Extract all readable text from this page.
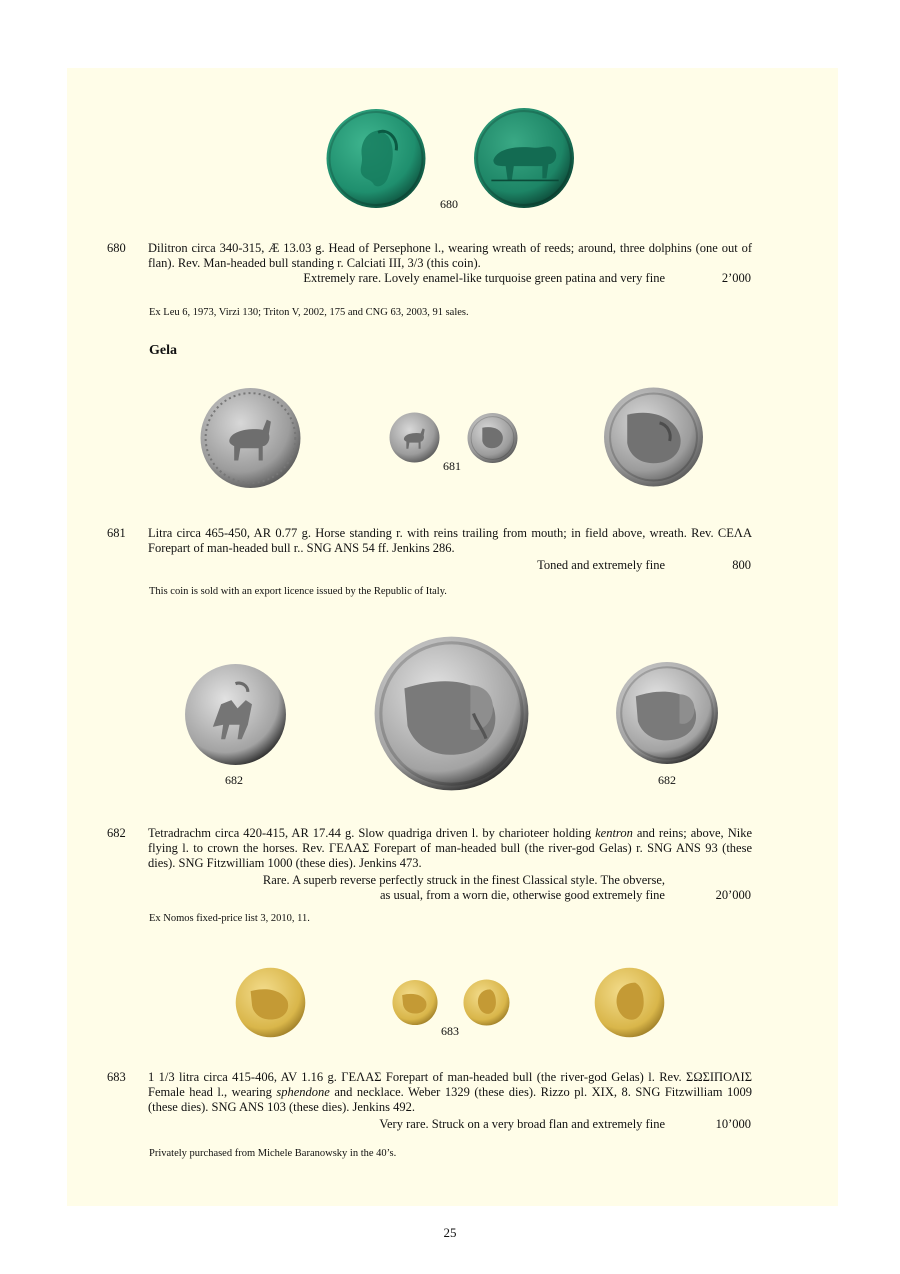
680
680 Dilitron circa 340-315, Æ 13.03 g. Head of Persephone l., wearing wreath of reeds; around, three dolphins (one out of flan). Rev. Man-headed bull standing r. Calciati III, 3/3 (this coin).
Extremely rare. Lovely enamel-like turquoise green patina and very fine	2’000
Ex Leu 6, 1973, Virzi 130; Triton V, 2002, 175 and CNG 63, 2003, 91 sales.
Gela
681
681 Litra circa 465-450, AR 0.77 g. Horse standing r. with reins trailing from mouth; in field above, wreath. Rev. CEΛA Forepart of man-headed bull r.. SNG ANS 54 ff. Jenkins 286.
Toned and extremely fine	800
This coin is sold with an export licence issued by the Republic of Italy.
682	682
682 Tetradrachm circa 420-415, AR 17.44 g. Slow quadriga driven l. by charioteer holding kentron and reins; above, Nike flying l. to crown the horses. Rev. ΓΕΛΑΣ Forepart of man-headed bull (the river-god Gelas) r. SNG ANS 93 (these dies). SNG Fitzwilliam 1000 (these dies). Jenkins 473.
Rare. A superb reverse perfectly struck in the finest Classical style. The obverse,
as usual, from a worn die, otherwise good extremely fine	20’000
Ex Nomos fixed-price list 3, 2010, 11.
683
683 1 1/3 litra circa 415-406, AV 1.16 g. ΓΕΛΑΣ Forepart of man-headed bull (the river-god Gelas) l. Rev. ΣΩΣΙΠΟΛΙΣ Female head l., wearing sphendone and necklace. Weber 1329 (these dies). Rizzo pl. XIX, 8. SNG Fitzwilliam 1009 (these dies). SNG ANS 103 (these dies). Jenkins 492.
Very rare. Struck on a very broad flan and extremely fine	10’000
Privately purchased from Michele Baranowsky in the 40’s.
25
